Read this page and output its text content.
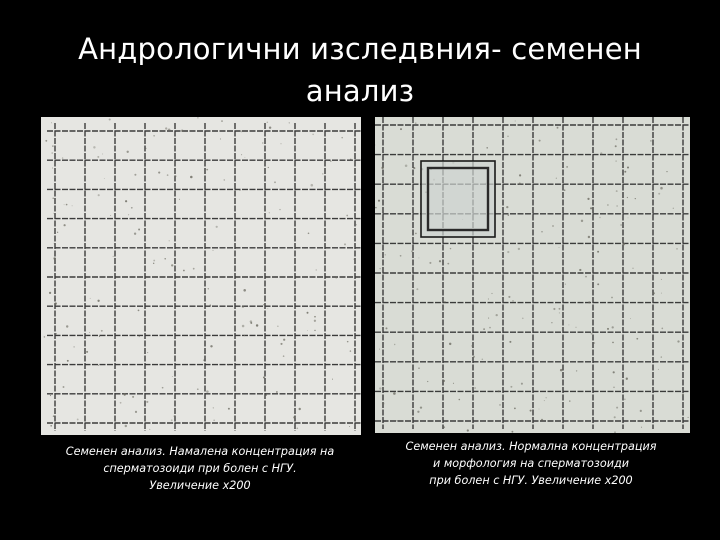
Андрологични изследвния- семенен
анализ
Семенен анализ. Намалена концентрация на
сперматозоиди при болен с НГУ.
Увеличение х200
Семенен анализ. Нормална концентрация
и морфология на сперматозоиди
при болен с НГУ. Увеличение х200
